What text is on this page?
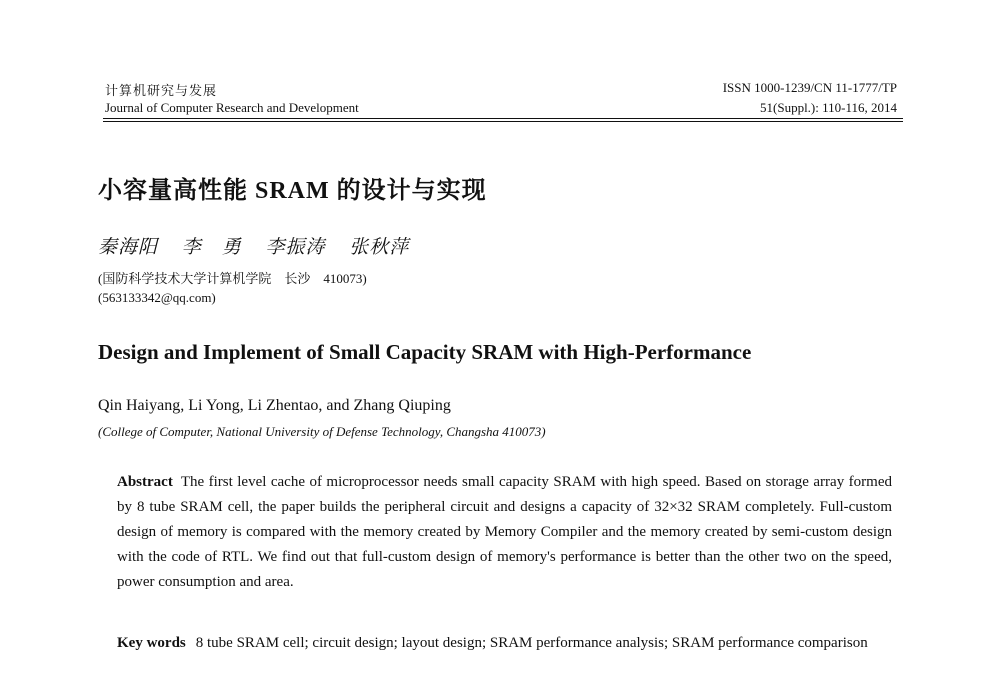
计算机研究与发展
Journal of Computer Research and Development
ISSN 1000-1239/CN 11-1777/TP
51(Suppl.): 110-116, 2014
小容量高性能 SRAM 的设计与实现
秦海阳 李　勇 李振涛 张秋萍
(国防科学技术大学计算机学院　长沙　410073)
(563133342@qq.com)
Design and Implement of Small Capacity SRAM with High-Performance
Qin Haiyang, Li Yong, Li Zhentao, and Zhang Qiuping
(College of Computer, National University of Defense Technology, Changsha 410073)
Abstract The first level cache of microprocessor needs small capacity SRAM with high speed. Based on storage array formed by 8 tube SRAM cell, the paper builds the peripheral circuit and designs a capacity of 32×32 SRAM completely. Full-custom design of memory is compared with the memory created by Memory Compiler and the memory created by semi-custom design with the code of RTL. We find out that full-custom design of memory's performance is better than the other two on the speed, power consumption and area.
Key words 8 tube SRAM cell; circuit design; layout design; SRAM performance analysis; SRAM performance comparison
